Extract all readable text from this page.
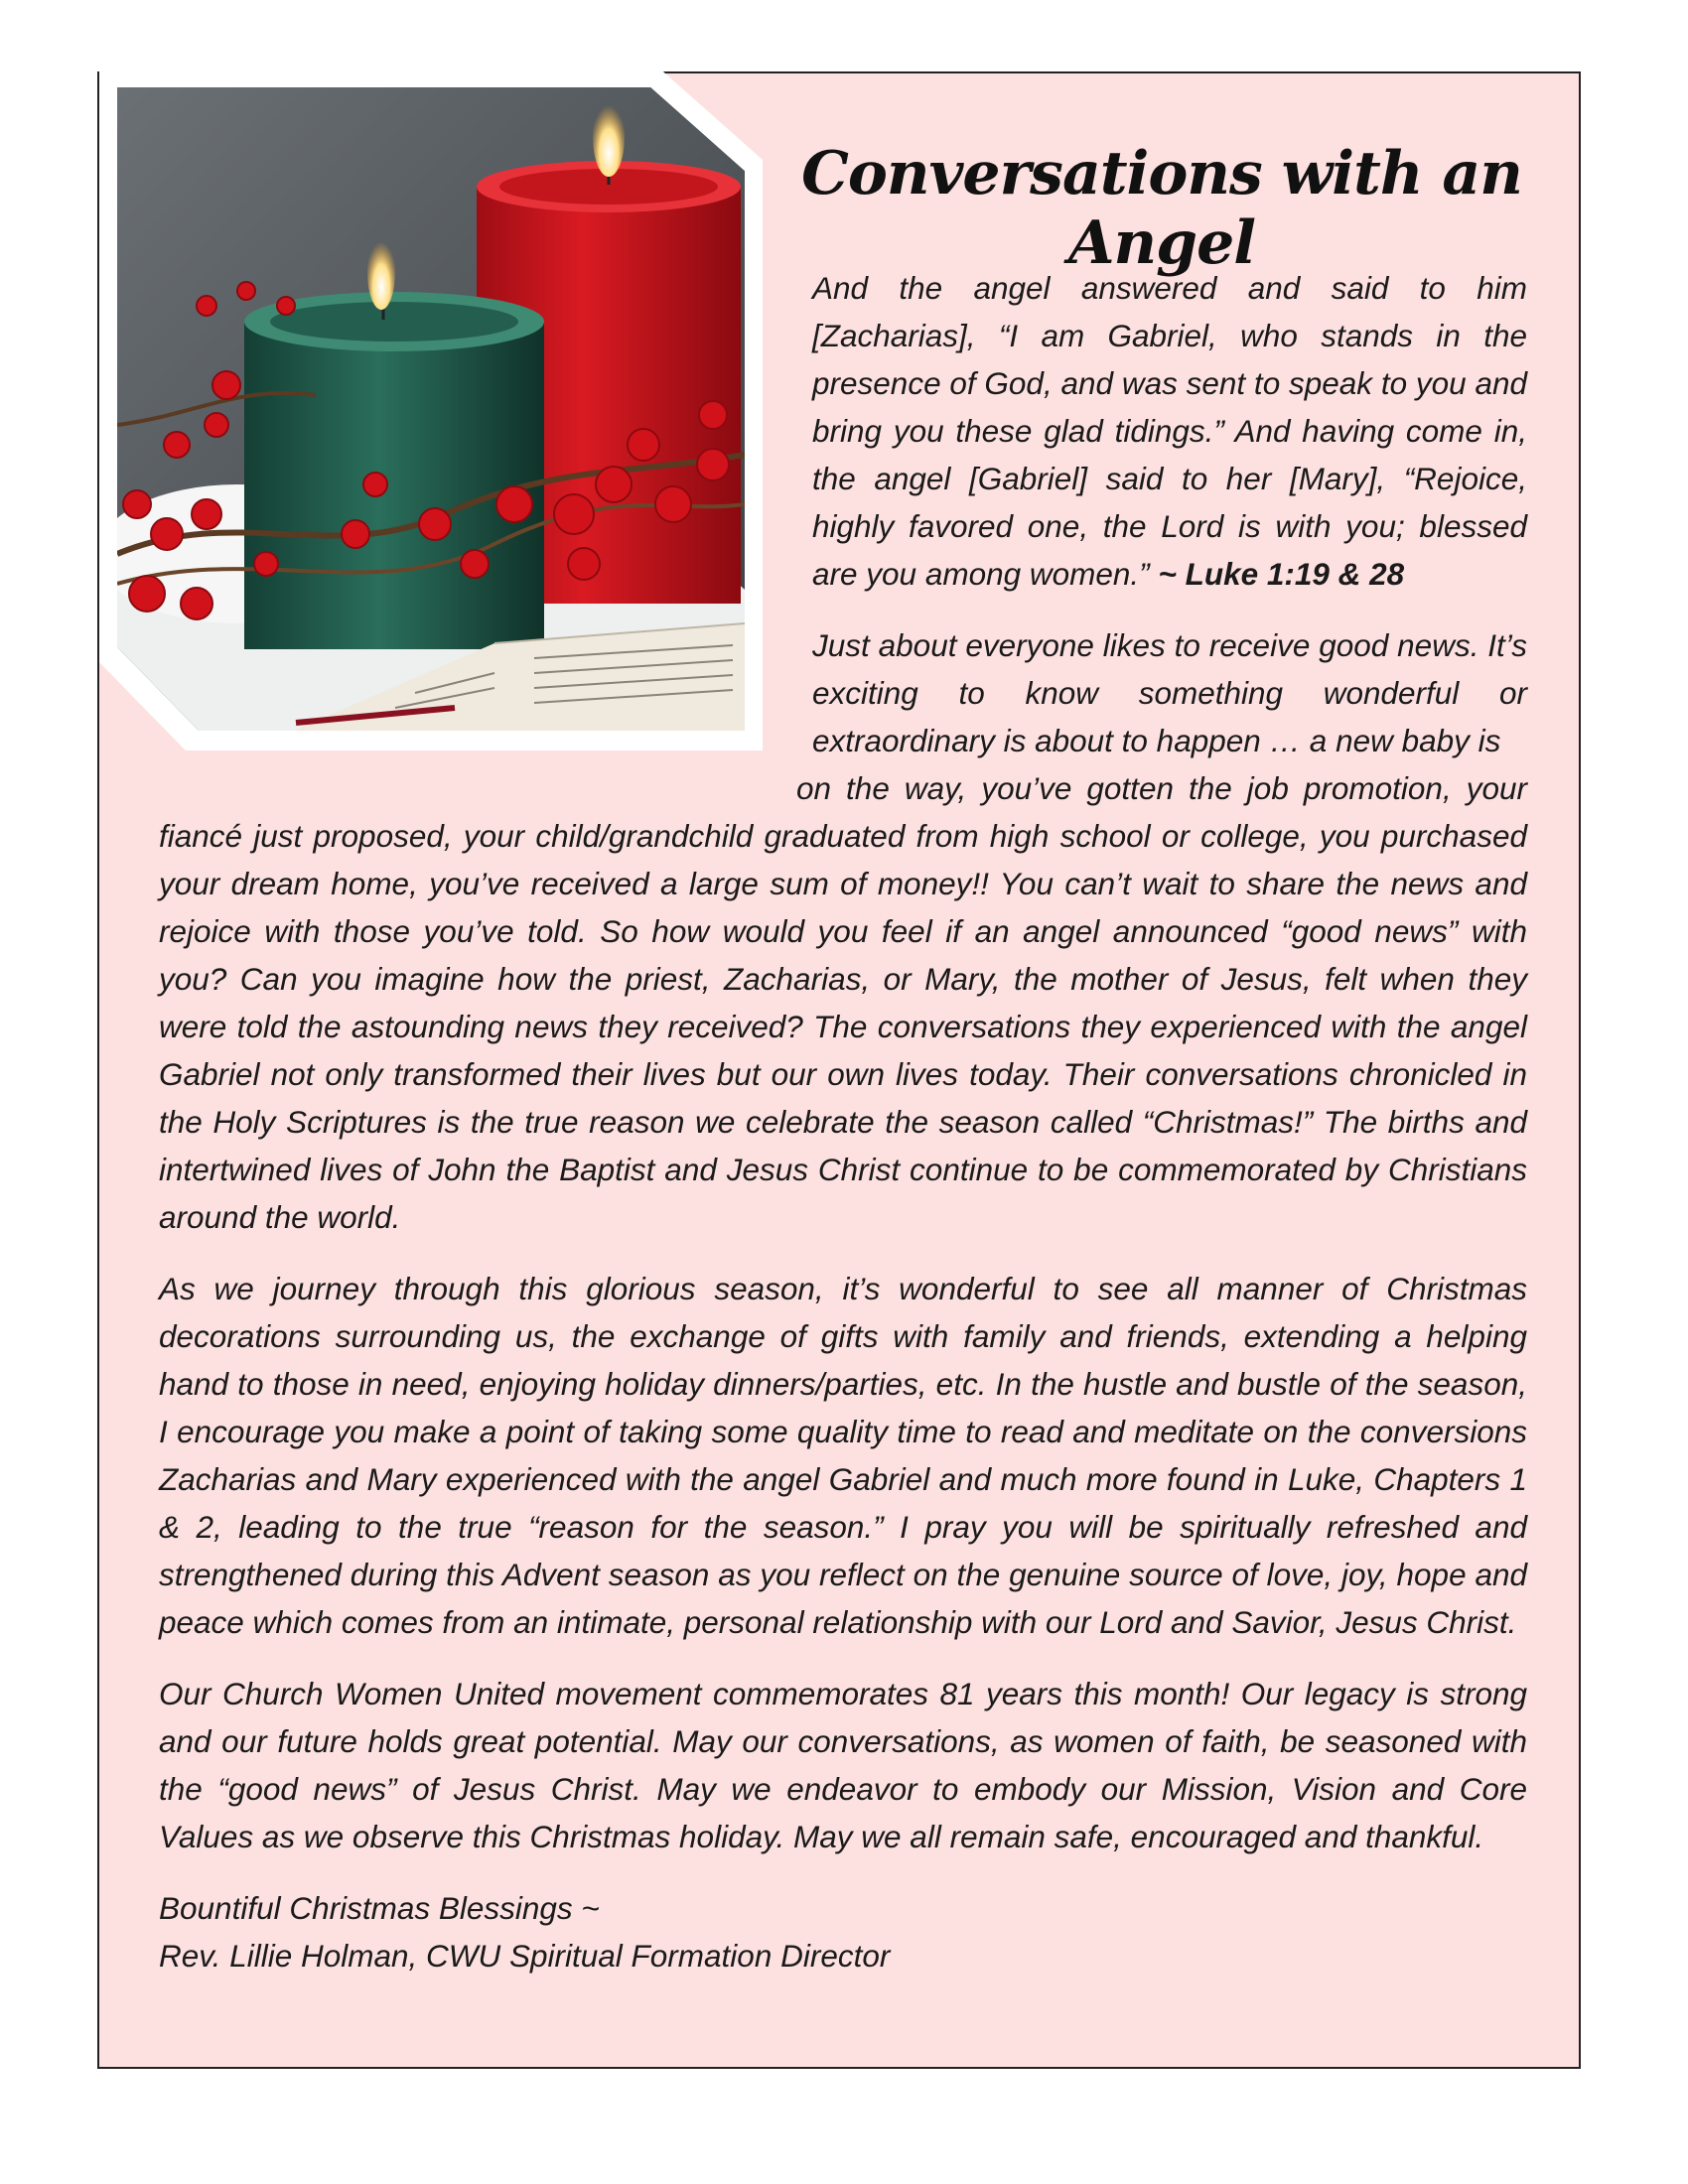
Conversations with an Angel

And the angel answered and said to him [Zacharias], “I am Gabriel, who stands in the presence of God, and was sent to speak to you and bring you these glad tidings.” And having come in, the angel [Gabriel] said to her [Mary], “Rejoice, highly favored one, the Lord is with you; blessed are you among women.” ~ Luke 1:19 & 28

Just about everyone likes to receive good news. It’s exciting to know something wonderful or extraordinary is about to happen … a new baby is

on the way, you’ve gotten the job promotion, your fiancé just proposed, your child/grandchild graduated from high school or college, you purchased your dream home, you’ve received a large sum of money!! You can’t wait to share the news and rejoice with those you’ve told. So how would you feel if an angel announced “good news” with you? Can you imagine how the priest, Zacharias, or Mary, the mother of Jesus, felt when they were told the astounding news they received? The conversations they experienced with the angel Gabriel not only transformed their lives but our own lives today. Their conversations chronicled in the Holy Scriptures is the true reason we celebrate the season called “Christmas!” The births and intertwined lives of John the Baptist and Jesus Christ continue to be commemorated by Christians around the world.

As we journey through this glorious season, it’s wonderful to see all manner of Christmas decorations surrounding us, the exchange of gifts with family and friends, extending a helping hand to those in need, enjoying holiday dinners/parties, etc. In the hustle and bustle of the season, I encourage you make a point of taking some quality time to read and meditate on the conversions Zacharias and Mary experienced with the angel Gabriel and much more found in Luke, Chapters 1 & 2, leading to the true “reason for the season.” I pray you will be spiritually refreshed and strengthened during this Advent season as you reflect on the genuine source of love, joy, hope and peace which comes from an intimate, personal relationship with our Lord and Savior, Jesus Christ.

Our Church Women United movement commemorates 81 years this month! Our legacy is strong and our future holds great potential. May our conversations, as women of faith, be seasoned with the “good news” of Jesus Christ. May we endeavor to embody our Mission, Vision and Core Values as we observe this Christmas holiday. May we all remain safe, encouraged and thankful.

Bountiful Christmas Blessings ~
Rev. Lillie Holman, CWU Spiritual Formation Director
